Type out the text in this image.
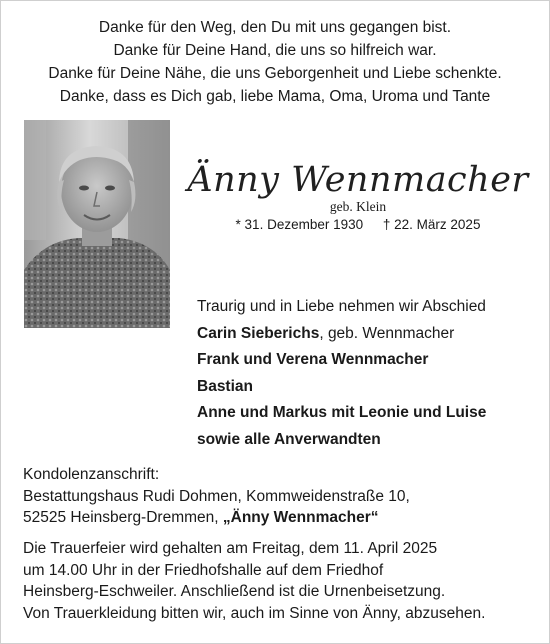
Danke für den Weg, den Du mit uns gegangen bist.
Danke für Deine Hand, die uns so hilfreich war.
Danke für Deine Nähe, die uns Geborgenheit und Liebe schenkte.
Danke, dass es Dich gab, liebe Mama, Oma, Uroma und Tante
Änny Wennmacher
geb. Klein
* 31. Dezember 1930 † 22. März 2025
Traurig und in Liebe nehmen wir Abschied
Carin Sieberichs, geb. Wennmacher
Frank und Verena Wennmacher
Bastian
Anne und Markus mit Leonie und Luise
sowie alle Anverwandten
Kondolenzanschrift:
Bestattungshaus Rudi Dohmen, Kommweidenstraße 10,
52525 Heinsberg-Dremmen, „Änny Wennmacher“
Die Trauerfeier wird gehalten am Freitag, dem 11. April 2025
um 14.00 Uhr in der Friedhofshalle auf dem Friedhof
Heinsberg-Eschweiler. Anschließend ist die Urnenbeisetzung.
Von Trauerkleidung bitten wir, auch im Sinne von Änny, abzusehen.
